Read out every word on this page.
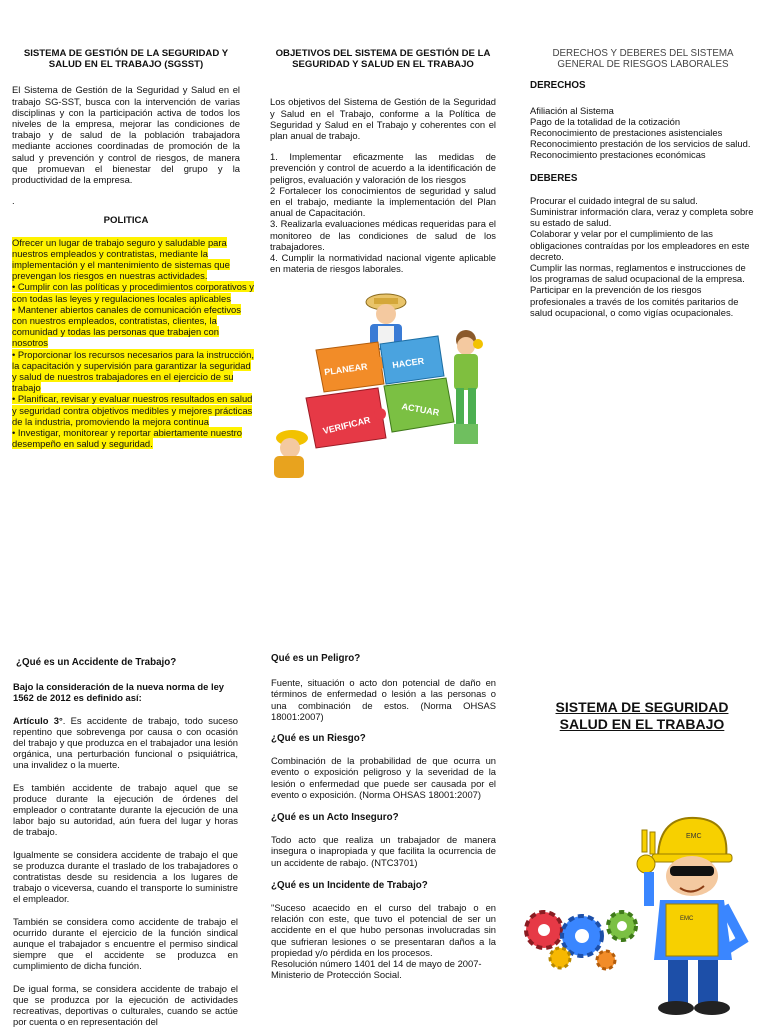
SISTEMA DE GESTIÓN DE LA SEGURIDAD Y SALUD EN EL TRABAJO (SGSST)

El Sistema de Gestión de la Seguridad y Salud en el trabajo SG-SST, busca con la intervención de varias disciplinas y con la participación activa de todos los niveles de la empresa, mejorar las condiciones de trabajo y de salud de la población trabajadora mediante acciones coordinadas de promoción de la salud y prevención y control de riesgos, de manera que promuevan el bienestar del grupo y la productividad de la empresa.

.

POLITICA
Ofrecer un lugar de trabajo seguro y saludable para nuestros empleados y contratistas, mediante la implementación y el mantenimiento de sistemas que prevengan los riesgos en nuestras actividades.
• Cumplir con las políticas y procedimientos corporativos y con todas las leyes y regulaciones locales aplicables
• Mantener abiertos canales de comunicación efectivos con nuestros empleados, contratistas, clientes, la comunidad y todas las personas que trabajen con nosotros
• Proporcionar los recursos necesarios para la instrucción, la capacitación y supervisión para garantizar la seguridad y salud de nuestros trabajadores en el ejercicio de su trabajo
• Planificar, revisar y evaluar nuestros resultados en salud y seguridad contra objetivos medibles y mejores prácticas de la industria, promoviendo la mejora continua
• Investigar, monitorear y reportar abiertamente nuestro desempeño en salud y seguridad.
OBJETIVOS DEL SISTEMA DE GESTIÓN DE LA SEGURIDAD Y SALUD EN EL TRABAJO

Los objetivos del Sistema de Gestión de la Seguridad y Salud en el Trabajo, conforme a la Política de Seguridad y Salud en el Trabajo y coherentes con el plan anual de trabajo.

1. Implementar eficazmente las medidas de prevención y control de acuerdo a la identificación de peligros, evaluación y valoración de los riesgos

2 Fortalecer los conocimientos de seguridad y salud en el trabajo, mediante la implementación del Plan anual de Capacitación.

3. Realizarla evaluaciones médicas requeridas para el monitoreo de las condiciones de salud de los trabajadores.

4. Cumplir la normatividad nacional vigente aplicable en materia de riesgos laborales.

PLANEAR	HACER
VERIFICAR
ACTUAR
DERECHOS Y DEBERES DEL SISTEMA GENERAL DE RIESGOS LABORALES
DERECHOS
Afiliación al Sistema
Pago de la totalidad de la cotización
Reconocimiento de prestaciones asistenciales
Reconocimiento prestación de los servicios de salud.
Reconocimiento prestaciones económicas
DEBERES
Procurar el cuidado integral de su salud.
Suministrar información clara, veraz y completa sobre su estado de salud.
Colaborar y velar por el cumplimiento de las obligaciones contraídas por los empleadores en este decreto.
Cumplir las normas, reglamentos e instrucciones de los programas de salud ocupacional de la empresa.
Participar en la prevención de los riesgos profesionales a través de los comités paritarios de salud ocupacional, o como vigías ocupacionales.
¿Qué es un Accidente de Trabajo?

Bajo la consideración de la nueva norma de ley 1562 de 2012 es definido así:

Artículo 3°. Es accidente de trabajo, todo suceso repentino que sobrevenga por causa o con ocasión del trabajo y que produzca en el trabajador una lesión orgánica, una perturbación funcional o psiquiátrica, una invalidez o la muerte.

Es también accidente de trabajo aquel que se produce durante la ejecución de órdenes del empleador o contratante durante la ejecución de una labor bajo su autoridad, aún fuera del lugar y horas de trabajo.

Igualmente se considera accidente de trabajo el que se produzca durante el traslado de los trabajadores o contratistas desde su residencia a los lugares de trabajo o viceversa, cuando el transporte lo suministre el empleador.

También se considera como accidente de trabajo el ocurrido durante el ejercicio de la función sindical aunque el trabajador s encuentre el permiso sindical siempre que el accidente se produzca en cumplimiento de dicha función.

De igual forma, se considera accidente de trabajo el que se produzca por la ejecución de actividades recreativas, deportivas o culturales, cuando se actúe por cuenta o en representación del

Qué es un Peligro?

Fuente, situación o acto don potencial de daño en términos de enfermedad o lesión a las personas o una combinación de estos. (Norma OHSAS 18001:2007)

¿Qué es un Riesgo?

Combinación de la probabilidad de que ocurra un evento o exposición peligroso y la severidad de la lesión o enfermedad que puede ser causada por el evento o exposición. (Norma OHSAS 18001:2007)

¿Qué es un Acto Inseguro?

Todo acto que realiza un trabajador de manera insegura o inapropiada y que facilita la ocurrencia de un accidente de rabajo. (NTC3701)

¿Qué es un Incidente de Trabajo?

"Suceso acaecido en el curso del trabajo o en relación con este, que tuvo el potencial de ser un accidente en el que hubo personas involucradas sin que sufrieran lesiones o se presentaran daños a la propiedad y/o pérdida en los procesos.

Resolución número 1401 del 14 de mayo de 2007- Ministerio de Protección Social.

SISTEMA DE SEGURIDAD
SALUD EN EL TRABAJO
EMC
EMC
